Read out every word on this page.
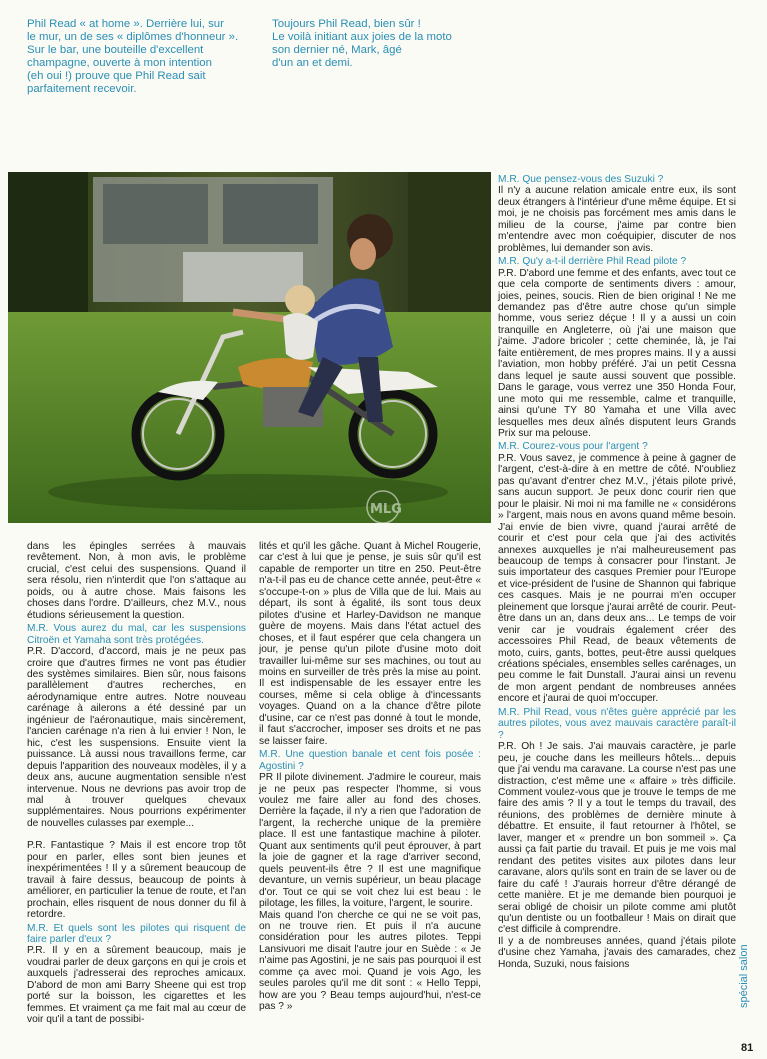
Phil Read « at home ». Derrière lui, sur
le mur, un de ses « diplômes d'honneur ».
Sur le bar, une bouteille d'excellent
champagne, ouverte à mon intention
(eh oui !) prouve que Phil Read sait
parfaitement recevoir.

Toujours Phil Read, bien sûr !
Le voilà initiant aux joies de la moto
son dernier né, Mark, âgé
d'un an et demi.

MLG

dans les épingles serrées à mauvais revêtement. Non, à mon avis, le problème crucial, c'est celui des suspensions. Quand il sera résolu, rien n'interdit que l'on s'attaque au poids, ou à autre chose. Mais faisons les choses dans l'ordre. D'ailleurs, chez M.V., nous étudions sérieusement la question.

M.R. Vous aurez du mal, car les suspensions Citroën et Yamaha sont très protégées.

P.R. D'accord, d'accord, mais je ne peux pas croire que d'autres firmes ne vont pas étudier des systèmes similaires. Bien sûr, nous faisons parallèlement d'autres recherches, en aérodynamique entre autres. Notre nouveau carénage à ailerons a été dessiné par un ingénieur de l'aéronautique, mais sincèrement, l'ancien carénage n'a rien à lui envier ! Non, le hic, c'est les suspensions. Ensuite vient la puissance. Là aussi nous travaillons ferme, car depuis l'apparition des nouveaux modèles, il y a deux ans, aucune augmentation sensible n'est intervenue. Nous ne devrions pas avoir trop de mal à trouver quelques chevaux supplémentaires. Nous pourrions expérimenter de nouvelles culasses par exemple...

P.R. Fantastique ? Mais il est encore trop tôt pour en parler, elles sont bien jeunes et inexpérimentées ! Il y a sûrement beaucoup de travail à faire dessus, beaucoup de points à améliorer, en particulier la tenue de route, et l'an prochain, elles risquent de nous donner du fil à retordre.

M.R. Et quels sont les pilotes qui risquent de faire parler d'eux ?

P.R. Il y en a sûrement beaucoup, mais je voudrai parler de deux garçons en qui je crois et auxquels j'adresserai des reproches amicaux. D'abord de mon ami Barry Sheene qui est trop porté sur la boisson, les cigarettes et les femmes. Et vraiment ça me fait mal au cœur de voir qu'il a tant de possibi-

lités et qu'il les gâche. Quant à Michel Rougerie, car c'est à lui que je pense, je suis sûr qu'il est capable de remporter un titre en 250. Peut-être n'a-t-il pas eu de chance cette année, peut-être « s'occupe-t-on » plus de Villa que de lui. Mais au départ, ils sont à égalité, ils sont tous deux pilotes d'usine et Harley-Davidson ne manque guère de moyens. Mais dans l'état actuel des choses, et il faut espérer que cela changera un jour, je pense qu'un pilote d'usine moto doit travailler lui-même sur ses machines, ou tout au moins en surveiller de très près la mise au point. Il est indispensable de les essayer entre les courses, même si cela oblige à d'incessants voyages. Quand on a la chance d'être pilote d'usine, car ce n'est pas donné à tout le monde, il faut s'accrocher, imposer ses droits et ne pas se laisser faire.

M.R. Une question banale et cent fois posée : Agostini ?

PR Il pilote divinement. J'admire le coureur, mais je ne peux pas respecter l'homme, si vous voulez me faire aller au fond des choses. Derrière la façade, il n'y a rien que l'adoration de l'argent, la recherche unique de la première place. Il est une fantastique machine à piloter. Quant aux sentiments qu'il peut éprouver, à part la joie de gagner et la rage d'arriver second, quels peuvent-ils être ? Il est une magnifique devanture, un vernis supérieur, un beau placage d'or. Tout ce qui se voit chez lui est beau : le pilotage, les filles, la voiture, l'argent, le sourire.

Mais quand l'on cherche ce qui ne se voit pas, on ne trouve rien. Et puis il n'a aucune considération pour les autres pilotes. Teppi Lansivuori me disait l'autre jour en Suède : « Je n'aime pas Agostini, je ne sais pas pourquoi il est comme ça avec moi. Quand je vois Ago, les seules paroles qu'il me dit sont : « Hello Teppi, how are you ? Beau temps aujourd'hui, n'est-ce pas ? »

M.R. Que pensez-vous des Suzuki ?

Il n'y a aucune relation amicale entre eux, ils sont deux étrangers à l'intérieur d'une même équipe. Et si moi, je ne choisis pas forcément mes amis dans le milieu de la course, j'aime par contre bien m'entendre avec mon coéquipier, discuter de nos problèmes, lui demander son avis.

M.R. Qu'y a-t-il derrière Phil Read pilote ?

P.R. D'abord une femme et des enfants, avec tout ce que cela comporte de sentiments divers : amour, joies, peines, soucis. Rien de bien original ! Ne me demandez pas d'être autre chose qu'un simple homme, vous seriez déçue ! Il y a aussi un coin tranquille en Angleterre, où j'ai une maison que j'aime. J'adore bricoler ; cette cheminée, là, je l'ai faite entièrement, de mes propres mains. Il y a aussi l'aviation, mon hobby préféré. J'ai un petit Cessna dans lequel je saute aussi souvent que possible. Dans le garage, vous verrez une 350 Honda Four, une moto qui me ressemble, calme et tranquille, ainsi qu'une TY 80 Yamaha et une Villa avec lesquelles mes deux aînés disputent leurs Grands Prix sur ma pelouse.

M.R. Courez-vous pour l'argent ?

P.R. Vous savez, je commence à peine à gagner de l'argent, c'est-à-dire à en mettre de côté. N'oubliez pas qu'avant d'entrer chez M.V., j'étais pilote privé, sans aucun support. Je peux donc courir rien que pour le plaisir. Ni moi ni ma famille ne « considérons » l'argent, mais nous en avons quand même besoin. J'ai envie de bien vivre, quand j'aurai arrêté de courir et c'est pour cela que j'ai des activités annexes auxquelles je n'ai malheureusement pas beaucoup de temps à consacrer pour l'instant. Je suis importateur des casques Premier pour l'Europe et vice-président de l'usine de Shannon qui fabrique ces casques. Mais je ne pourrai m'en occuper pleinement que lorsque j'aurai arrêté de courir. Peut-être dans un an, dans deux ans... Le temps de voir venir car je voudrais également créer des accessoires Phil Read, de beaux vêtements de moto, cuirs, gants, bottes, peut-être aussi quelques créations spéciales, ensembles selles carénages, un peu comme le fait Dunstall. J'aurai ainsi un revenu de mon argent pendant de nombreuses années encore et j'aurai de quoi m'occuper.

M.R. Phil Read, vous n'êtes guère apprécié par les autres pilotes, vous avez mauvais caractère paraît-il ?

P.R. Oh ! Je sais. J'ai mauvais caractère, je parle peu, je couche dans les meilleurs hôtels... depuis que j'ai vendu ma caravane. La course n'est pas une distraction, c'est même une « affaire » très difficile. Comment voulez-vous que je trouve le temps de me faire des amis ? Il y a tout le temps du travail, des réunions, des problèmes de dernière minute à débattre. Et ensuite, il faut retourner à l'hôtel, se laver, manger et « prendre un bon sommeil ». Ça aussi ça fait partie du travail. Et puis je me vois mal rendant des petites visites aux pilotes dans leur caravane, alors qu'ils sont en train de se laver ou de faire du café ! J'aurais horreur d'être dérangé de cette manière. Et je me demande bien pourquoi je serai obligé de choisir un pilote comme ami plutôt qu'un dentiste ou un footballeur ! Mais on dirait que c'est difficile à comprendre.

Il y a de nombreuses années, quand j'étais pilote d'usine chez Yamaha, j'avais des camarades, chez Honda, Suzuki, nous faisions	spécial salon
81
